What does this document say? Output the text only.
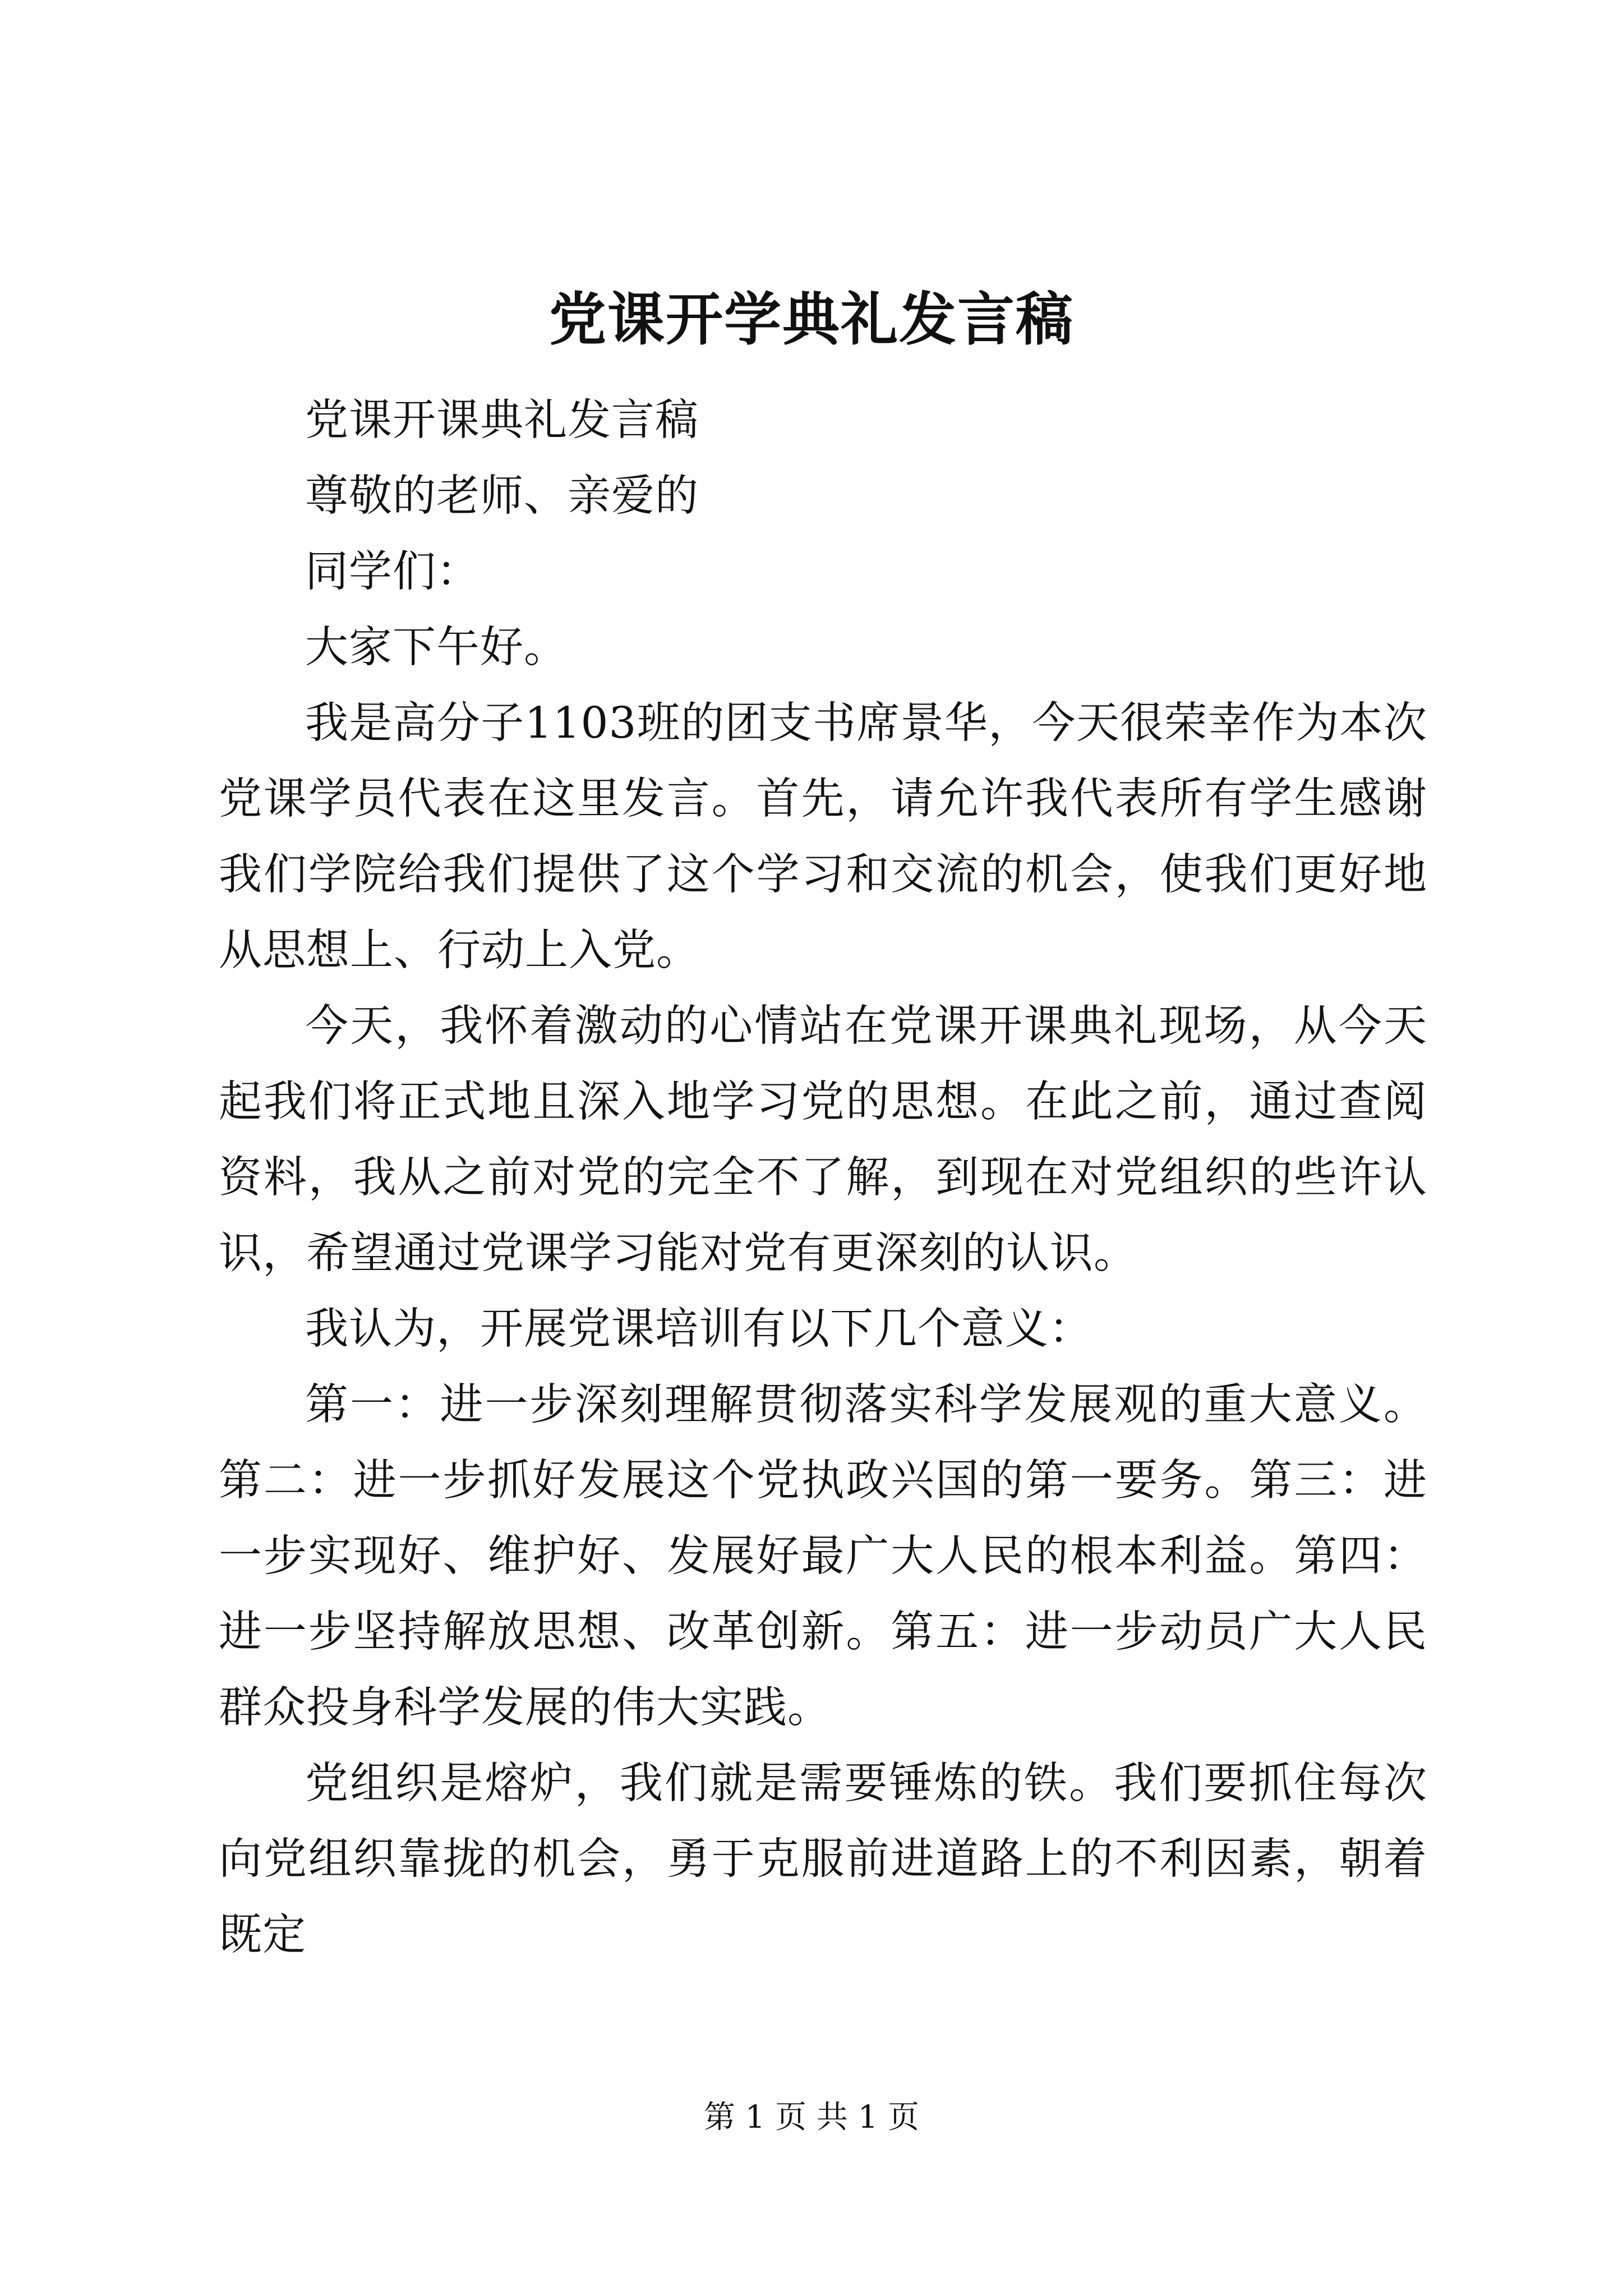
党课开学典礼发言稿

党课开课典礼发言稿

尊敬的老师、亲爱的

同学们：

大家下午好。

我是高分子1103班的团支书席景华，今天很荣幸作为本次党课学员代表在这里发言。首先，请允许我代表所有学生感谢我们学院给我们提供了这个学习和交流的机会，使我们更好地从思想上、行动上入党。

今天，我怀着激动的心情站在党课开课典礼现场，从今天起我们将正式地且深入地学习党的思想。在此之前，通过查阅资料，我从之前对党的完全不了解，到现在对党组织的些许认识，希望通过党课学习能对党有更深刻的认识。

我认为，开展党课培训有以下几个意义：

第一：进一步深刻理解贯彻落实科学发展观的重大意义。第二：进一步抓好发展这个党执政兴国的第一要务。第三：进一步实现好、维护好、发展好最广大人民的根本利益。第四：进一步坚持解放思想、改革创新。第五：进一步动员广大人民群众投身科学发展的伟大实践。

党组织是熔炉，我们就是需要锤炼的铁。我们要抓住每次向党组织靠拢的机会，勇于克服前进道路上的不利因素，朝着既定

第 1 页 共 1 页
